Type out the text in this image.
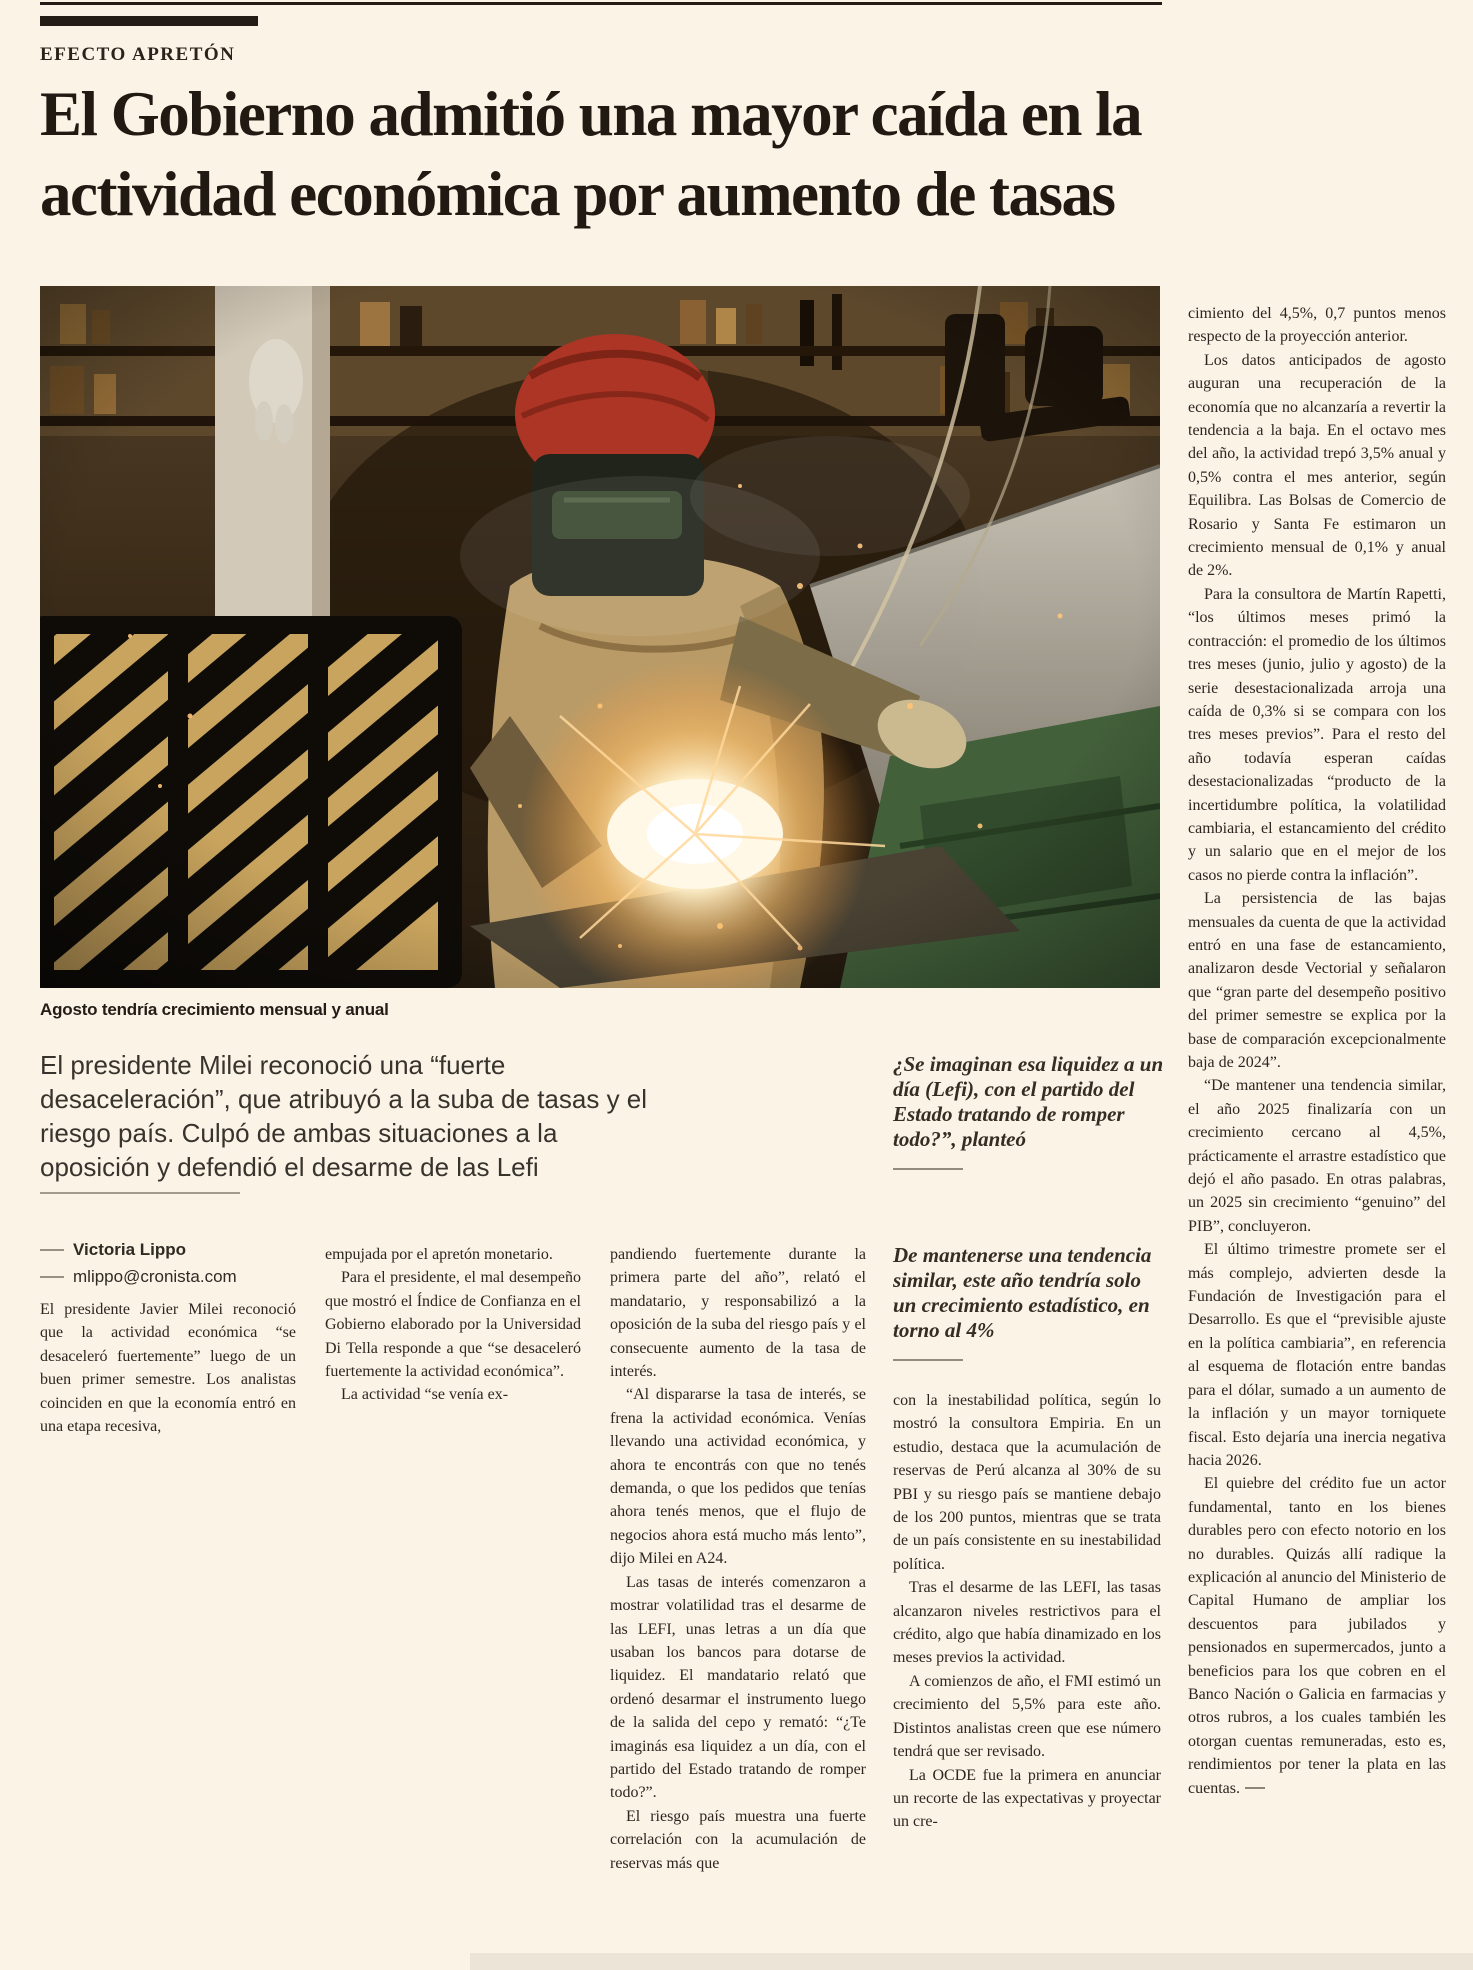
EFECTO APRETÓN
El Gobierno admitió una mayor caída en la actividad económica por aumento de tasas
Agosto tendría crecimiento mensual y anual
El presidente Milei reconoció una “fuerte desaceleración”, que atribuyó a la suba de tasas y el riesgo país. Culpó de ambas situaciones a la oposición y defendió el desarme de las Lefi
¿Se imaginan esa liquidez a un día (Lefi), con el partido del Estado tratando de romper todo?”, planteó
Victoria Lippo
mlippo@cronista.com

El presidente Javier Milei reconoció que la actividad económica “se desaceleró fuertemente” luego de un buen primer semestre. Los analistas coinciden en que la economía entró en una etapa recesiva,

empujada por el apretón monetario.

Para el presidente, el mal desempeño que mostró el Índice de Confianza en el Gobierno elaborado por la Universidad Di Tella responde a que “se desaceleró fuertemente la actividad económica”.

La actividad “se venía ex-

pandiendo fuertemente durante la primera parte del año”, relató el mandatario, y responsabilizó a la oposición de la suba del riesgo país y el consecuente aumento de la tasa de interés.

“Al dispararse la tasa de interés, se frena la actividad económica. Venías llevando una actividad económica, y ahora te encontrás con que no tenés demanda, o que los pedidos que tenías ahora tenés menos, que el flujo de negocios ahora está mucho más lento”, dijo Milei en A24.

Las tasas de interés comenzaron a mostrar volatilidad tras el desarme de las LEFI, unas letras a un día que usaban los bancos para dotarse de liquidez. El mandatario relató que ordenó desarmar el instrumento luego de la salida del cepo y remató: “¿Te imaginás esa liquidez a un día, con el partido del Estado tratando de romper todo?”.

El riesgo país muestra una fuerte correlación con la acumulación de reservas más que

De mantenerse una tendencia similar, este año tendría solo un crecimiento estadístico, en torno al 4%

con la inestabilidad política, según lo mostró la consultora Empiria. En un estudio, destaca que la acumulación de reservas de Perú alcanza al 30% de su PBI y su riesgo país se mantiene debajo de los 200 puntos, mientras que se trata de un país consistente en su inestabilidad política.

Tras el desarme de las LEFI, las tasas alcanzaron niveles restrictivos para el crédito, algo que había dinamizado en los meses previos la actividad.

A comienzos de año, el FMI estimó un crecimiento del 5,5% para este año. Distintos analistas creen que ese número tendrá que ser revisado.

La OCDE fue la primera en anunciar un recorte de las expectativas y proyectar un cre-

cimiento del 4,5%, 0,7 puntos menos respecto de la proyección anterior.

Los datos anticipados de agosto auguran una recuperación de la economía que no alcanzaría a revertir la tendencia a la baja. En el octavo mes del año, la actividad trepó 3,5% anual y 0,5% contra el mes anterior, según Equilibra. Las Bolsas de Comercio de Rosario y Santa Fe estimaron un crecimiento mensual de 0,1% y anual de 2%.

Para la consultora de Martín Rapetti, “los últimos meses primó la contracción: el promedio de los últimos tres meses (junio, julio y agosto) de la serie desestacionalizada arroja una caída de 0,3% si se compara con los tres meses previos”. Para el resto del año todavía esperan caídas desestacionalizadas “producto de la incertidumbre política, la volatilidad cambiaria, el estancamiento del crédito y un salario que en el mejor de los casos no pierde contra la inflación”.

La persistencia de las bajas mensuales da cuenta de que la actividad entró en una fase de estancamiento, analizaron desde Vectorial y señalaron que “gran parte del desempeño positivo del primer semestre se explica por la base de comparación excepcionalmente baja de 2024”.

“De mantener una tendencia similar, el año 2025 finalizaría con un crecimiento cercano al 4,5%, prácticamente el arrastre estadístico que dejó el año pasado. En otras palabras, un 2025 sin crecimiento “genuino” del PIB”, concluyeron.

El último trimestre promete ser el más complejo, advierten desde la Fundación de Investigación para el Desarrollo. Es que el “previsible ajuste en la política cambiaria”, en referencia al esquema de flotación entre bandas para el dólar, sumado a un aumento de la inflación y un mayor torniquete fiscal. Esto dejaría una inercia negativa hacia 2026.

El quiebre del crédito fue un actor fundamental, tanto en los bienes durables pero con efecto notorio en los no durables. Quizás allí radique la explicación al anuncio del Ministerio de Capital Humano de ampliar los descuentos para jubilados y pensionados en supermercados, junto a beneficios para los que cobren en el Banco Nación o Galicia en farmacias y otros rubros, a los cuales también les otorgan cuentas remuneradas, esto es, rendimientos por tener la plata en las cuentas.
